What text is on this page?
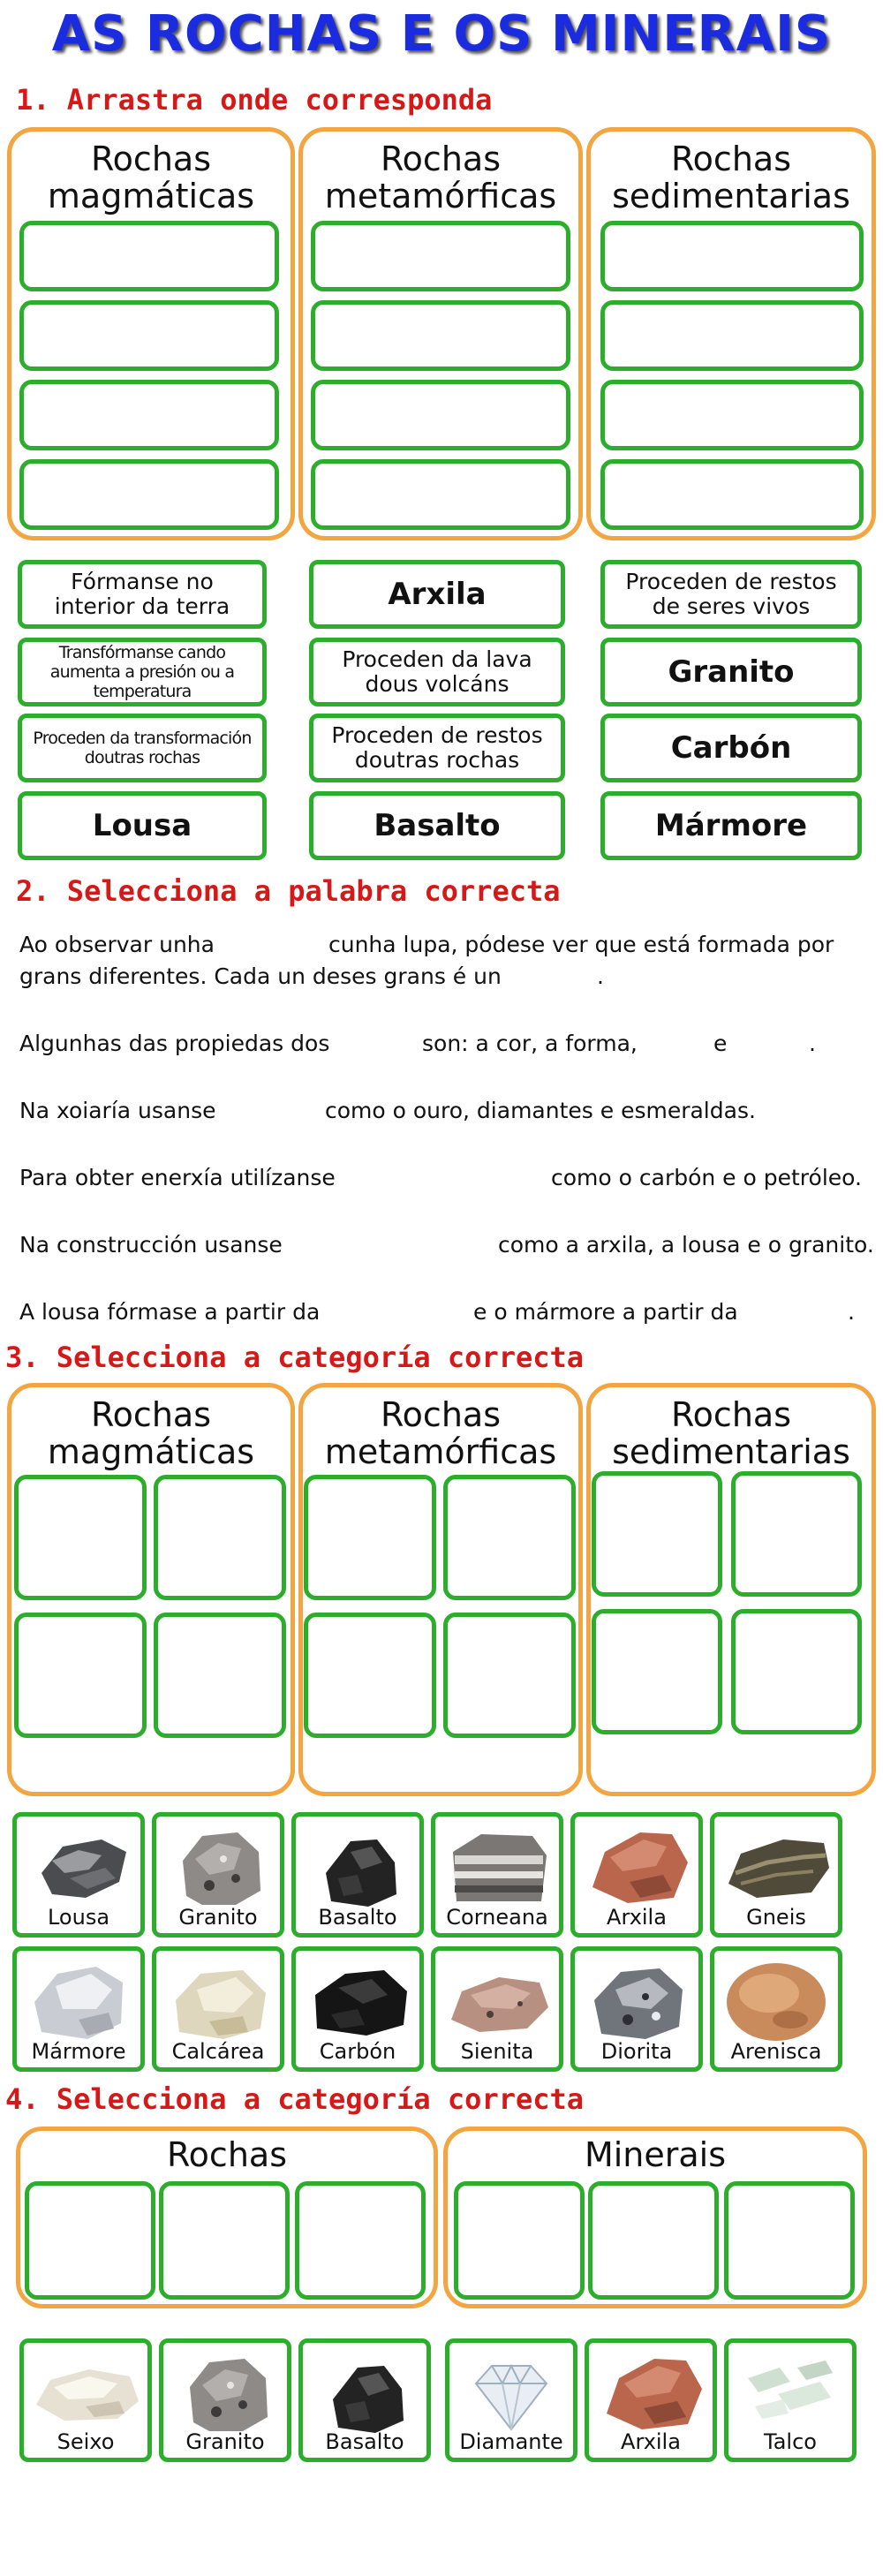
AS ROCHAS E OS MINERAIS
1. Arrastra onde corresponda
Rochas
magmáticas
Rochas
metamórficas
Rochas
sedimentarias
Fórmanse no interior da terra	Arxila	Proceden de restos de seres vivos
Transfórmanse cando aumenta a presión ou a temperatura
Proceden da lava dous volcáns	Granito
Proceden da transformación doutras rochas
Proceden de restos doutras rochas	Carbón
Lousa	Basalto	Mármore
2. Selecciona a palabra correcta
Ao observar unha	cunha lupa, pódese ver que está formada por
grans diferentes. Cada un deses grans é un	.
Algunhas das propiedas dos	son: a cor, a forma,	e	.
Na xoiaría usanse	como o ouro, diamantes e esmeraldas.
Para obter enerxía utilízanse	como o carbón e o petróleo.
Na construcción usanse	como a arxila, a lousa e o granito.
A lousa fórmase a partir da	e o mármore a partir da	.
3. Selecciona a categoría correcta
Rochas
magmáticas
Rochas
metamórficas
Rochas
sedimentarias
Lousa	Granito	Basalto	Corneana	Arxila	Gneis
Mármore	Calcárea	Carbón	Sienita	Diorita	Arenisca
4. Selecciona a categoría correcta
Rochas	Minerais
Seixo	Granito	Basalto	Diamante	Arxila	Talco
